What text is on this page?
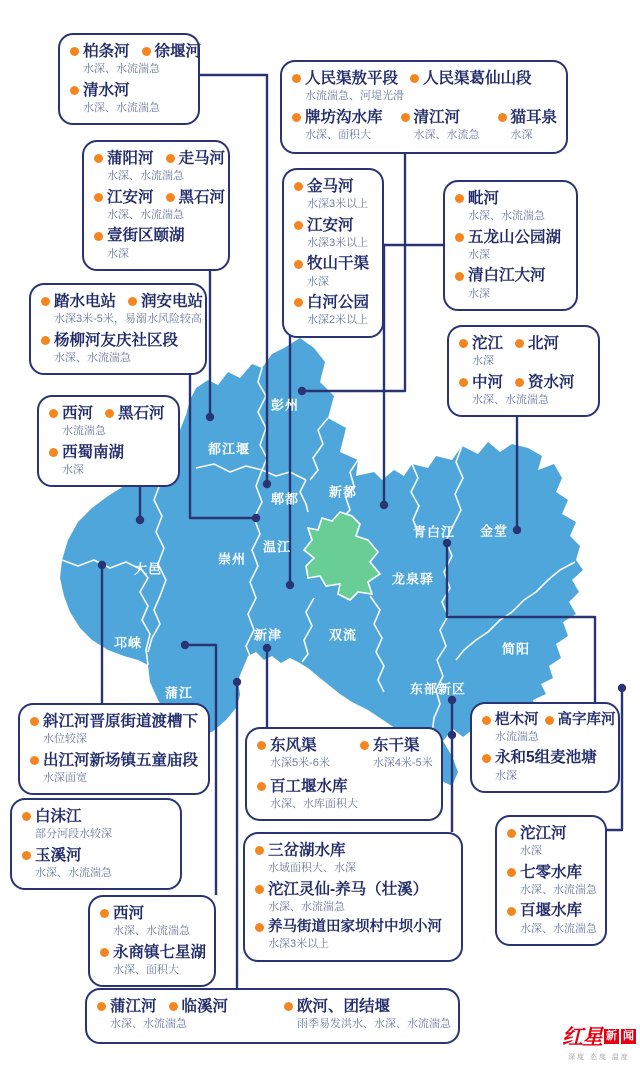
彭州
都江堰
郫都 新都
青白江 金堂
温江
崇州
大邑
龙泉驿
邛崃
新津	双流
简阳
蒲江	东部新区
柏条河 徐堰河
水深、水流湍急
清水河
水深、水流湍急
人民渠敖平段 人民渠葛仙山段
水流湍急、河堤光滑
牌坊沟水库
水深、面积大
清江河
水深、水流急
猫耳泉
水深
蒲阳河 走马河
水深、水流湍急
江安河 黑石河
水深、水流湍急
壹街区颐湖
水深
金马河
水深3米以上
江安河
水深3米以上
牧山干渠
水深
白河公园
水深2米以上
毗河
水深、水流湍急
五龙山公园湖
水深
清白江大河
水深
踏水电站 润安电站
水深3米-5米，易溺水风险较高
杨柳河友庆社区段
水深、水流湍急
西河 黑石河
水流湍急
西蜀南湖
水深
沱江 北河
水深
中河 资水河
水深、水流湍急
斜江河晋原街道渡槽下
水位较深
出江河新场镇五童庙段
水深面宽
白沫江
部分河段水较深
玉溪河
水深、水流湍急
西河
水深、水流湍急
永商镇七星湖
水深、面积大
蒲江河 临溪河
水深、水流湍急
欧河、团结堰
雨季易发洪水、水深、水流湍急
东风渠
水深5米-6米
东干渠
水深4米-5米
百工堰水库
水深、水库面积大
三岔湖水库
水域面积大、水深
沱江灵仙-养马（壮溪）
水深、水流湍急
养马街道田家坝村中坝小河
水深3米以上
桤木河 高字库河
水流湍急
永和5组麦池塘
水深
沱江河
水深
七零水库
水深、水流湍急
百堰水库
水深、水流湍急
红星 新 闻
深度 态度 温度
